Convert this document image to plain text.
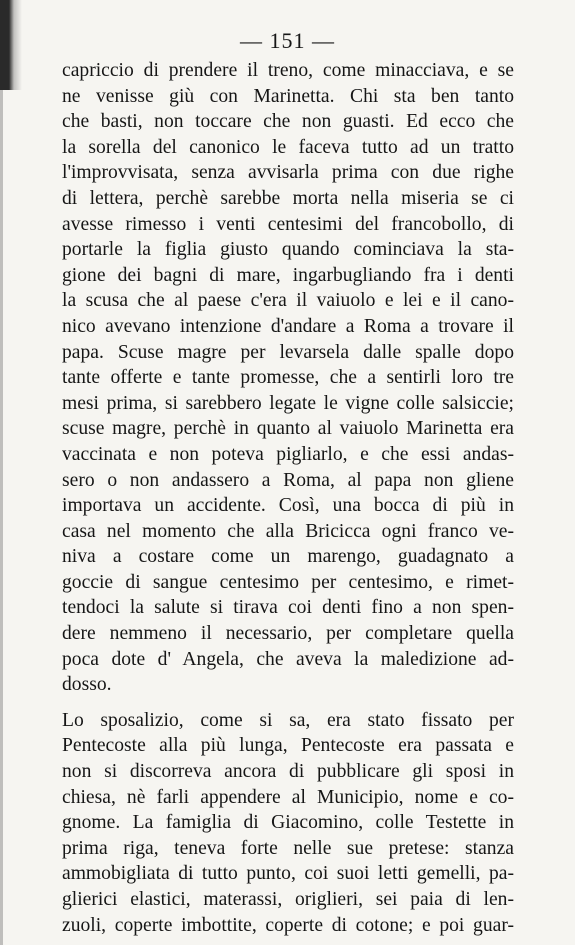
— 151 —
capriccio di prendere il treno, come minacciava, e se
ne venisse giù con Marinetta. Chi sta ben tanto
che basti, non toccare che non guasti. Ed ecco che
la sorella del canonico le faceva tutto ad un tratto
l'improvvisata, senza avvisarla prima con due righe
di lettera, perchè sarebbe morta nella miseria se ci
avesse rimesso i venti centesimi del francobollo, di
portarle la figlia giusto quando cominciava la sta-
gione dei bagni di mare, ingarbugliando fra i denti
la scusa che al paese c'era il vaiuolo e lei e il cano-
nico avevano intenzione d'andare a Roma a trovare il
papa. Scuse magre per levarsela dalle spalle dopo
tante offerte e tante promesse, che a sentirli loro tre
mesi prima, si sarebbero legate le vigne colle salsiccie;
scuse magre, perchè in quanto al vaiuolo Marinetta era
vaccinata e non poteva pigliarlo, e che essi andas-
sero o non andassero a Roma, al papa non gliene
importava un accidente. Così, una bocca di più in
casa nel momento che alla Bricicca ogni franco ve-
niva a costare come un marengo, guadagnato a
goccie di sangue centesimo per centesimo, e rimet-
tendoci la salute si tirava coi denti fino a non spen-
dere nemmeno il necessario, per completare quella
poca dote d' Angela, che aveva la maledizione ad-
dosso.
Lo sposalizio, come si sa, era stato fissato per
Pentecoste alla più lunga, Pentecoste era passata e
non si discorreva ancora di pubblicare gli sposi in
chiesa, nè farli appendere al Municipio, nome e co-
gnome. La famiglia di Giacomino, colle Testette in
prima riga, teneva forte nelle sue pretese: stanza
ammobigliata di tutto punto, coi suoi letti gemelli, pa-
glierici elastici, materassi, origlieri, sei paia di len-
zuoli, coperte imbottite, coperte di cotone; e poi guar-
